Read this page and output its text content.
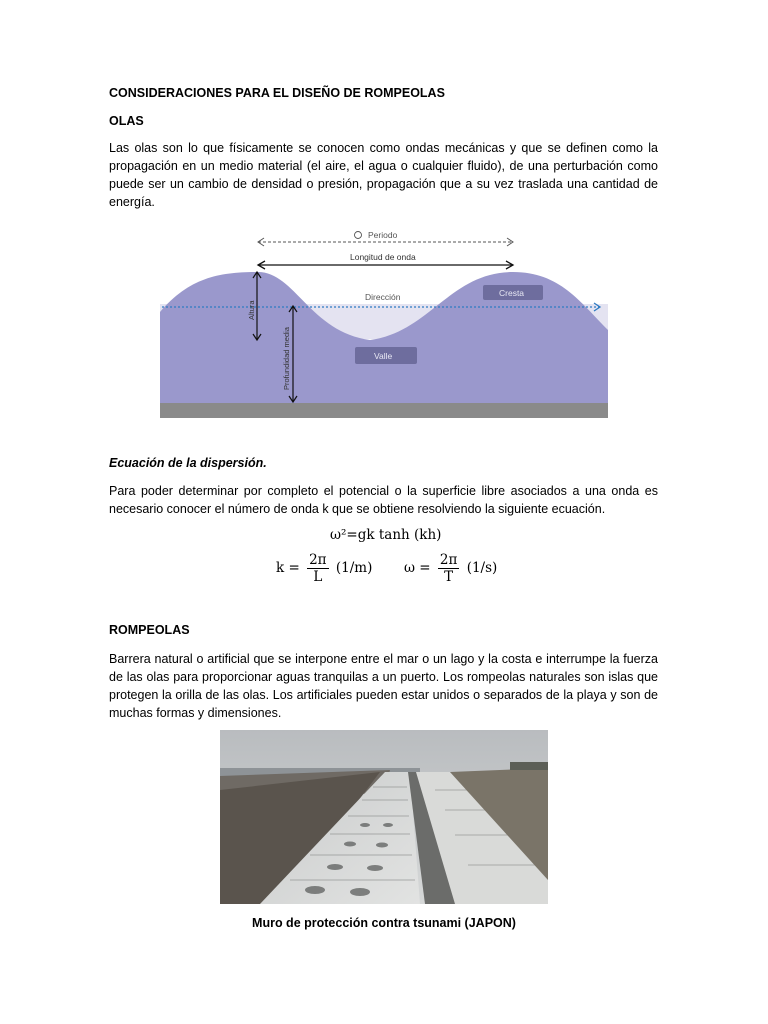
CONSIDERACIONES PARA EL DISEÑO DE ROMPEOLAS
OLAS
Las olas son lo que físicamente se conocen como ondas mecánicas y que se definen como la propagación en un medio material (el aire, el agua o cualquier fluido), de una perturbación como puede ser un cambio de densidad o presión, propagación que a su vez traslada una cantidad de energía.
Periodo
Longitud de onda
Dirección	Cresta
Valle
Altura
Profundidad media
Ecuación de la dispersión.
Para poder determinar por completo el potencial o la superficie libre asociados a una onda es necesario conocer el número de onda k que se obtiene resolviendo la siguiente ecuación.
ω²=gk tanh (kh)
$k = \frac{2\pi}{L} (1/m) \omega = \frac{2\pi}{T} (1/s)$
ROMPEOLAS
Barrera natural o artificial que se interpone entre el mar o un lago y la costa e interrumpe la fuerza de las olas para proporcionar aguas tranquilas a un puerto. Los rompeolas naturales son islas que protegen la orilla de las olas. Los artificiales pueden estar unidos o separados de la playa y son de muchas formas y dimensiones.
Muro de protección contra tsunami (JAPON)
